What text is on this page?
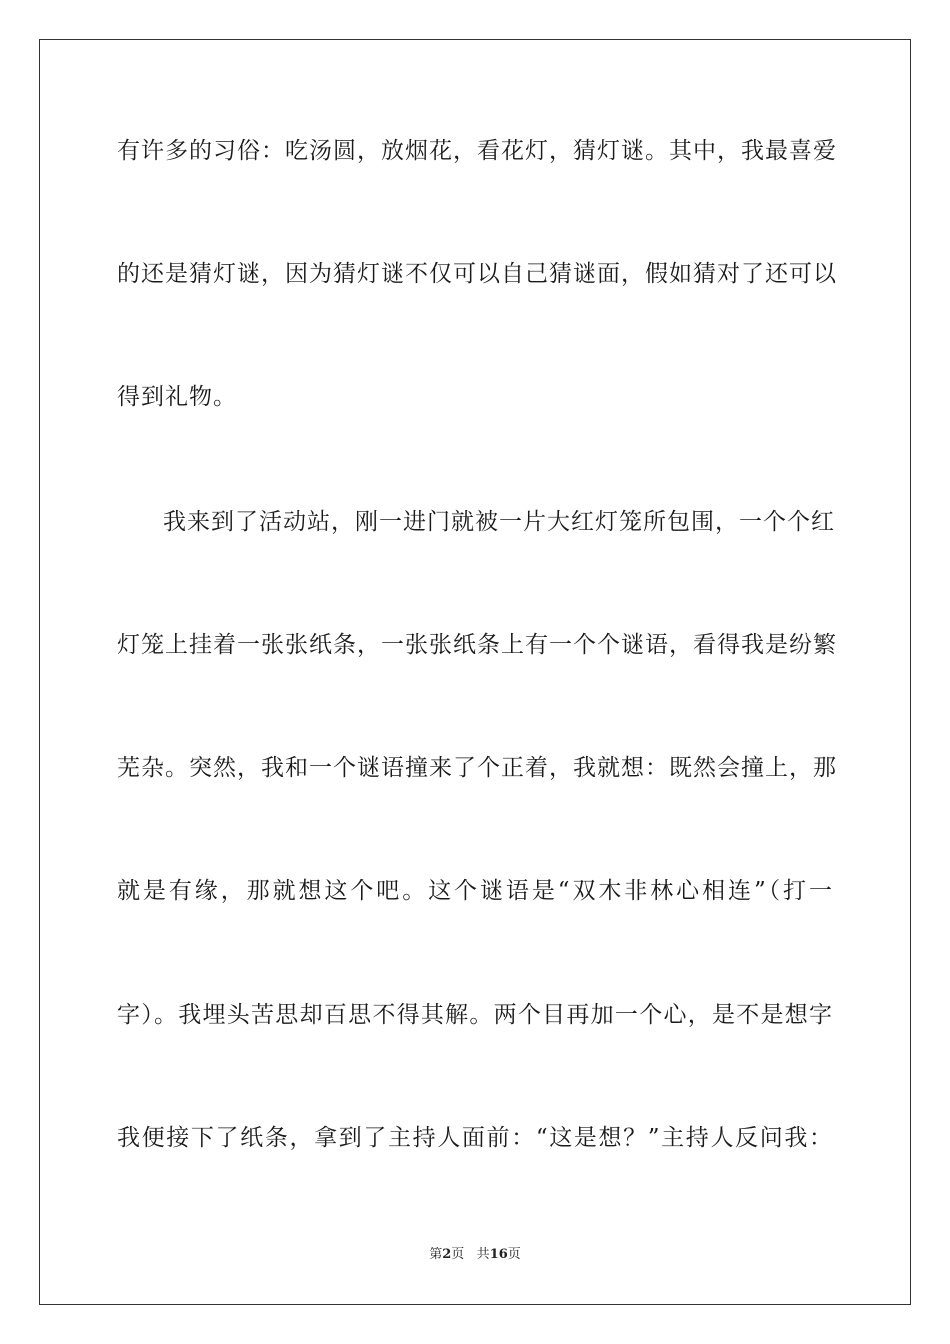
有许多的习俗：吃汤圆，放烟花，看花灯，猜灯谜。其中，我最喜爱
的还是猜灯谜，因为猜灯谜不仅可以自己猜谜面，假如猜对了还可以
得到礼物。
我来到了活动站，刚一进门就被一片大红灯笼所包围，一个个红
灯笼上挂着一张张纸条，一张张纸条上有一个个谜语，看得我是纷繁
芜杂。突然，我和一个谜语撞来了个正着，我就想：既然会撞上，那
就是有缘，那就想这个吧。这个谜语是“双木非林心相连”（打一
字）。我埋头苦思却百思不得其解。两个目再加一个心，是不是想字
我便接下了纸条，拿到了主持人面前：“这是想？”主持人反问我：
第2页 共16页
